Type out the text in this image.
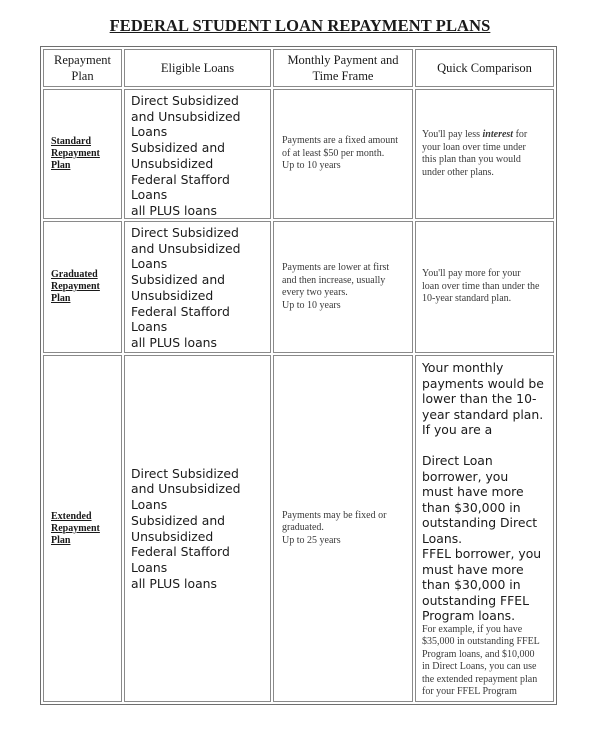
FEDERAL STUDENT LOAN REPAYMENT PLANS
Repayment
Plan
Eligible Loans
Monthly Payment and
Time Frame
Quick Comparison
Standard
Repayment
Plan
Direct Subsidized
and Unsubsidized
Loans
Subsidized and
Unsubsidized
Federal Stafford
Loans
all PLUS loans
Payments are a fixed amount
of at least $50 per month.
Up to 10 years
You'll pay less interest for
your loan over time under
this plan than you would
under other plans.
Graduated
Repayment
Plan
Direct Subsidized
and Unsubsidized
Loans
Subsidized and
Unsubsidized
Federal Stafford
Loans
all PLUS loans
Payments are lower at first
and then increase, usually
every two years.
Up to 10 years
You'll pay more for your
loan over time than under the
10-year standard plan.
Extended
Repayment
Plan
Direct Subsidized
and Unsubsidized
Loans
Subsidized and
Unsubsidized
Federal Stafford
Loans
all PLUS loans
Payments may be fixed or
graduated.
Up to 25 years
Your monthly
payments would be
lower than the 10-
year standard plan.
If you are a
Direct Loan
borrower, you
must have more
than $30,000 in
outstanding Direct
Loans.
FFEL borrower, you
must have more
than $30,000 in
outstanding FFEL
Program loans.
For example, if you have
$35,000 in outstanding FFEL
Program loans, and $10,000
in Direct Loans, you can use
the extended repayment plan
for your FFEL Program
